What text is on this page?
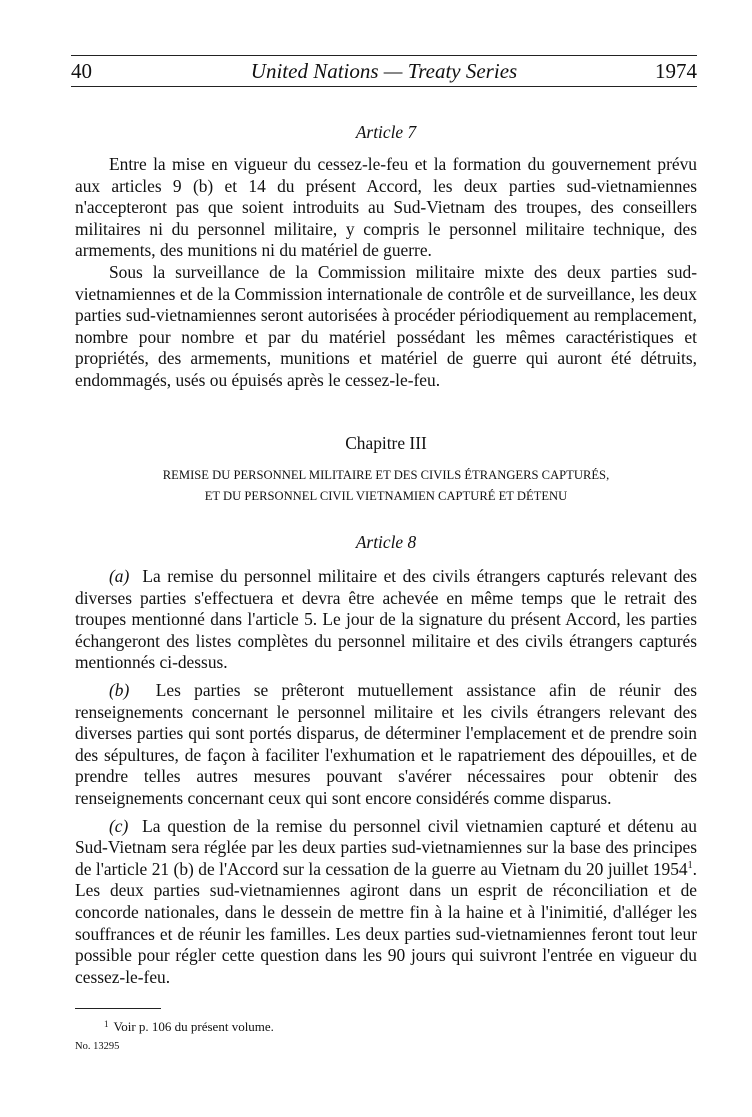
40	United Nations — Treaty Series	1974
Article 7

Entre la mise en vigueur du cessez-le-feu et la formation du gouvernement prévu aux articles 9 (b) et 14 du présent Accord, les deux parties sud-vietnamiennes n'accepteront pas que soient introduits au Sud-Vietnam des troupes, des conseillers militaires ni du personnel militaire, y compris le personnel militaire technique, des armements, des munitions ni du matériel de guerre.

Sous la surveillance de la Commission militaire mixte des deux parties sud-vietnamiennes et de la Commission internationale de contrôle et de surveillance, les deux parties sud-vietnamiennes seront autorisées à procéder périodiquement au remplacement, nombre pour nombre et par du matériel possédant les mêmes caractéristiques et propriétés, des armements, munitions et matériel de guerre qui auront été détruits, endommagés, usés ou épuisés après le cessez-le-feu.

Chapitre III
REMISE DU PERSONNEL MILITAIRE ET DES CIVILS ÉTRANGERS CAPTURÉS,
ET DU PERSONNEL CIVIL VIETNAMIEN CAPTURÉ ET DÉTENU
Article 8

(a) La remise du personnel militaire et des civils étrangers capturés relevant des diverses parties s'effectuera et devra être achevée en même temps que le retrait des troupes mentionné dans l'article 5. Le jour de la signature du présent Accord, les parties échangeront des listes complètes du personnel militaire et des civils étrangers capturés mentionnés ci-dessus.

(b) Les parties se prêteront mutuellement assistance afin de réunir des renseignements concernant le personnel militaire et les civils étrangers relevant des diverses parties qui sont portés disparus, de déterminer l'emplacement et de prendre soin des sépultures, de façon à faciliter l'exhumation et le rapatriement des dépouilles, et de prendre telles autres mesures pouvant s'avérer nécessaires pour obtenir des renseignements concernant ceux qui sont encore considérés comme disparus.

(c) La question de la remise du personnel civil vietnamien capturé et détenu au Sud-Vietnam sera réglée par les deux parties sud-vietnamiennes sur la base des principes de l'article 21 (b) de l'Accord sur la cessation de la guerre au Vietnam du 20 juillet 1954$^1$. Les deux parties sud-vietnamiennes agiront dans un esprit de réconciliation et de concorde nationales, dans le dessein de mettre fin à la haine et à l'inimitié, d'alléger les souffrances et de réunir les familles. Les deux parties sud-vietnamiennes feront tout leur possible pour régler cette question dans les 90 jours qui suivront l'entrée en vigueur du cessez-le-feu.

$^1$ Voir p. 106 du présent volume.
No. 13295
